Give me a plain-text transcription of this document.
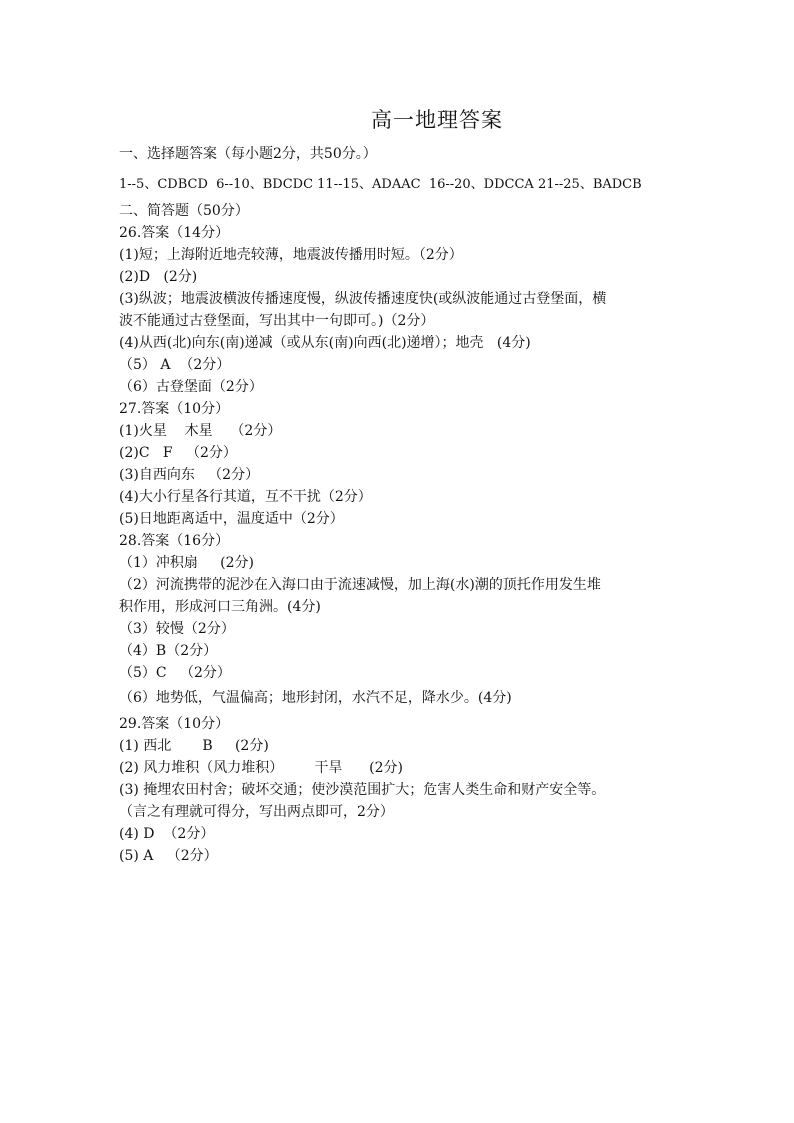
高一地理答案
一、选择题答案（每小题2分，共50分。）
1--5、CDBCD  6--10、BDCDC 11--15、ADAAC  16--20、DDCCA 21--25、BADCB
二、简答题（50分）
26.答案（14分）
(1)短；上海附近地壳较薄，地震波传播用时短。（2分）
(2)D   (2分)
(3)纵波；地震波横波传播速度慢，纵波传播速度快(或纵波能通过古登堡面，横
波不能通过古登堡面，写出其中一句即可。)（2分）
(4)从西(北)向东(南)递减（或从东(南)向西(北)递增）；地壳   (4分)
（5） A  （2分）
（6）古登堡面（2分）
27.答案（10分）
(1)火星    木星    （2分）
(2)C   F   （2分）
(3)自西向东   （2分）
(4)大小行星各行其道，互不干扰（2分）
(5)日地距离适中，温度适中（2分）
28.答案（16分）
（1）冲积扇     (2分)
（2）河流携带的泥沙在入海口由于流速减慢，加上海(水)潮的顶托作用发生堆
积作用，形成河口三角洲。(4分)
（3）较慢（2分）
（4）B（2分）
（5）C   （2分）
（6）地势低，气温偏高；地形封闭，水汽不足，降水少。(4分)
29.答案（10分）
(1) 西北       B     (2分)
(2) 风力堆积（风力堆积）       干旱      (2分)
(3) 掩埋农田村舍；破坏交通；使沙漠范围扩大；危害人类生命和财产安全等。
（言之有理就可得分，写出两点即可，2分）
(4) D  （2分）
(5) A   （2分）
